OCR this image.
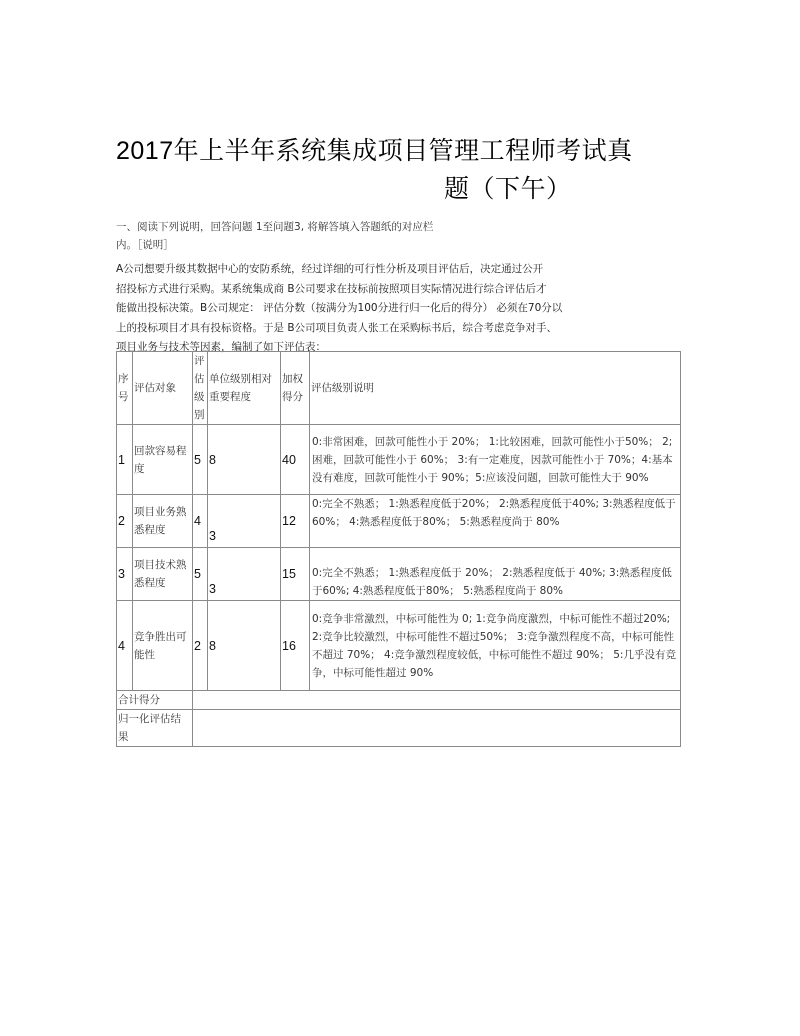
2017年上半年系统集成项目管理工程师考试真
题（下午）
一、阅读下列说明，回答问题 1至问题3, 将解答填入答题纸的对应栏
内。［说明］

A公司想要升级其数据中心的安防系统，经过详细的可行性分析及项目评估后，决定通过公开

招投标方式进行采购。某系统集成商 B公司要求在技标前按照项目实际情况进行综合评估后才

能做出投标决策。B公司规定： 评估分数（按满分为100分进行归一化后的得分） 必须在70分以

上的投标项目才具有投标资格。于是 B公司项目负责人张工在采购标书后，综合考虑竞争对手、

项目业务与技术等因素，编制了如下评估表：

序号	评估对象	评估级别	单位级别相对重要程度	加权得分	评估级别说明
1	回款容易程度	5	8	40	0:非常困难，回款可能性小于 20%； 1:比较困难，回款可能性小于50%； 2;困难，回款可能性小于 60%； 3:有一定难度，因款可能性小于 70%；4:基本没有难度，回款可能性小于 90%；5:应该没问题，回款可能性大于 90%
2	项目业务熟悉程度	4	3	12	0:完全不熟悉； 1:熟悉程度低于20%； 2:熟悉程度低于40%; 3:熟悉程度低于60%； 4:熟悉程度低于80%； 5:熟悉程度尚于 80%
3	项目技术熟悉程度	5	3	15	0:完全不熟悉； 1:熟悉程度低于 20%； 2:熟悉程度低于 40%; 3:熟悉程度低于60%; 4:熟悉程度低于80%； 5:熟悉程度尚于 80%
4	竞争胜出可能性	2	8	16	0:竞争非常激烈，中标可能性为 0; 1:竞争尚度激烈，中标可能性不超过20%; 2:竞争比较激烈，中标可能性不超过50%； 3:竞争激烈程度不高，中标可能性不超过 70%； 4:竞争激烈程度较低，中标可能性不超过 90%； 5:几乎没有竞争，中标可能性超过 90%
合计得分					
归一化评估结果					
